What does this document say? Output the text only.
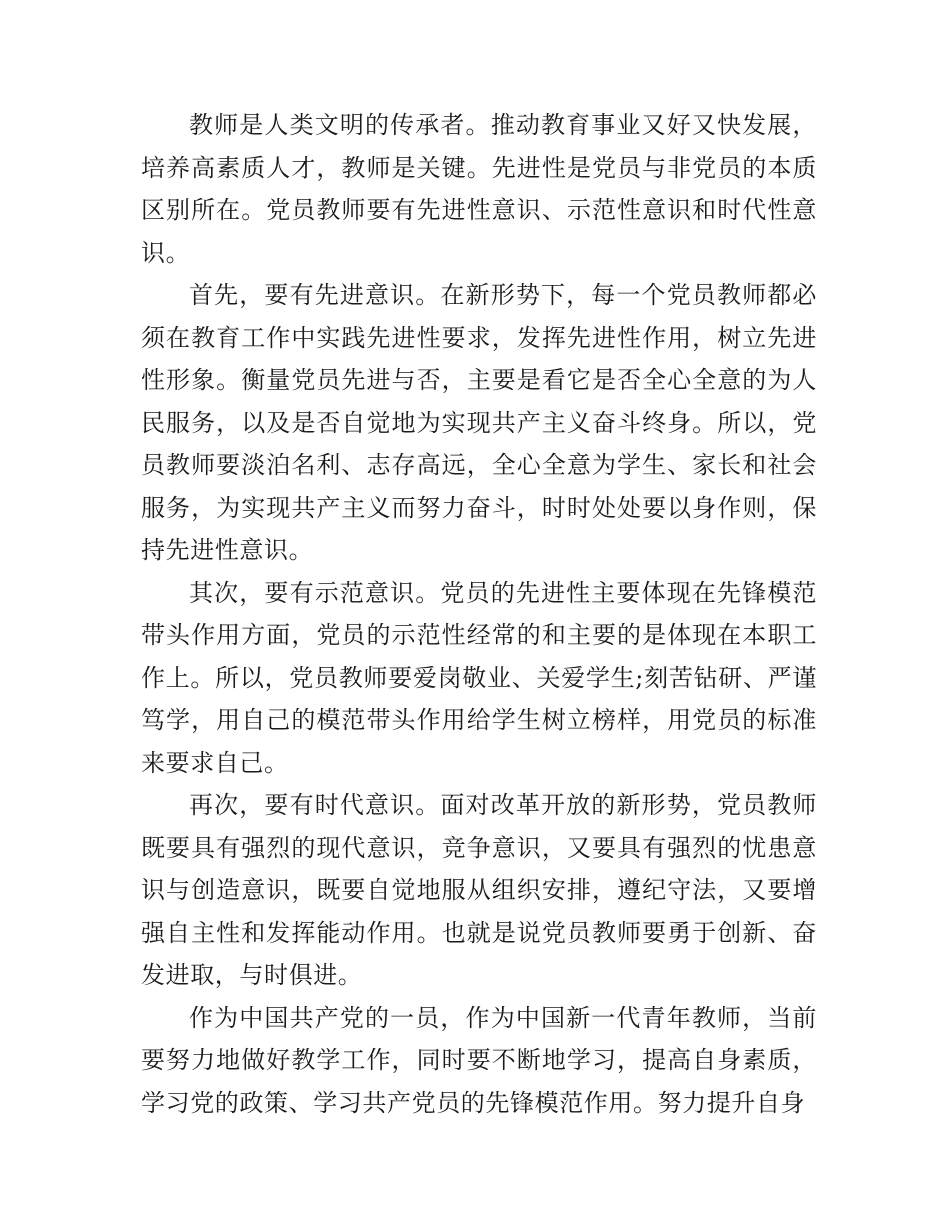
教师是人类文明的传承者。推动教育事业又好又快发展，培养高素质人才，教师是关键。先进性是党员与非党员的本质区别所在。党员教师要有先进性意识、示范性意识和时代性意识。

首先，要有先进意识。在新形势下，每一个党员教师都必须在教育工作中实践先进性要求，发挥先进性作用，树立先进性形象。衡量党员先进与否，主要是看它是否全心全意的为人民服务，以及是否自觉地为实现共产主义奋斗终身。所以，党员教师要淡泊名利、志存高远，全心全意为学生、家长和社会服务，为实现共产主义而努力奋斗，时时处处要以身作则，保持先进性意识。

其次，要有示范意识。党员的先进性主要体现在先锋模范带头作用方面，党员的示范性经常的和主要的是体现在本职工作上。所以，党员教师要爱岗敬业、关爱学生;刻苦钻研、严谨笃学，用自己的模范带头作用给学生树立榜样，用党员的标准来要求自己。

再次，要有时代意识。面对改革开放的新形势，党员教师既要具有强烈的现代意识，竞争意识，又要具有强烈的忧患意识与创造意识，既要自觉地服从组织安排，遵纪守法，又要增强自主性和发挥能动作用。也就是说党员教师要勇于创新、奋发进取，与时俱进。

作为中国共产党的一员，作为中国新一代青年教师，当前要努力地做好教学工作，同时要不断地学习，提高自身素质，学习党的政策、学习共产党员的先锋模范作用。努力提升自身
